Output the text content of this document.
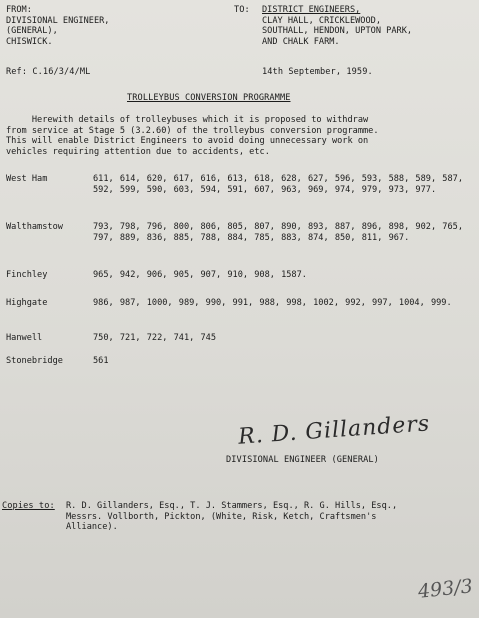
FROM:
DIVISIONAL ENGINEER,
(GENERAL),
CHISWICK.
TO: DISTRICT ENGINEERS,
CLAY HALL, CRICKLEWOOD,
SOUTHALL, HENDON, UPTON PARK,
AND CHALK FARM.
Ref: C.16/3/4/ML	14th September, 1959.
TROLLEYBUS CONVERSION PROGRAMME
Herewith details of trolleybuses which it is proposed to withdraw
from service at Stage 5 (3.2.60) of the trolleybus conversion programme.
This will enable District Engineers to avoid doing unnecessary work on
vehicles requiring attention due to accidents, etc.
West Ham	611, 614, 620, 617, 616, 613, 618, 628, 627, 596, 593, 588, 589, 587, 592, 599, 590, 603, 594, 591, 607, 963, 969, 974, 979, 973, 977.
Walthamstow	793, 798, 796, 800, 806, 805, 807, 890, 893, 887, 896, 898, 902, 765, 797, 889, 836, 885, 788, 884, 785, 883, 874, 850, 811, 967.
Finchley	965, 942, 906, 905, 907, 910, 908, 1587.
Highgate	986, 987, 1000, 989, 990, 991, 988, 998, 1002, 992, 997, 1004, 999.
Hanwell	750, 721, 722, 741, 745
Stonebridge	561
R. D. Gillanders
DIVISIONAL ENGINEER (GENERAL)
Copies to: R. D. Gillanders, Esq., T. J. Stammers, Esq., R. G. Hills, Esq.,
Messrs. Vollborth, Pickton, (White, Risk, Ketch, Craftsmen's
Alliance).
493/3
